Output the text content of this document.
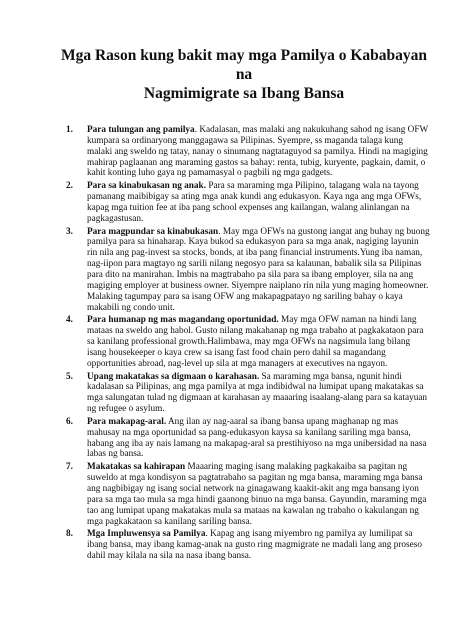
Mga Rason kung bakit may mga Pamilya o Kababayan na
Nagmimigrate sa Ibang Bansa
1. Para tulungan ang pamilya. Kadalasan, mas malaki ang nakukuhang sahod ng isang OFW kumpara sa ordinaryong manggagawa sa Pilipinas. Syempre, ss maganda talaga kung malaki ang sweldo ng tatay, nanay o sinumang nagtataguyod sa pamilya. Hindi na magiging mahirap paglaanan ang maraming gastos sa bahay: renta, tubig, kuryente, pagkain, damit, o kahit konting luho gaya ng pamamasyal o pagbili ng mga gadgets.
2. Para sa kinabukasan ng anak. Para sa maraming mga Pilipino, talagang wala na tayong pamanang maibibigay sa ating mga anak kundi ang edukasyon. Kaya nga ang mga OFWs, kapag mga tuition fee at iba pang school expenses ang kailangan, walang alinlangan na pagkagastusan.
3. Para magpundar sa kinabukasan. May mga OFWs na gustong iangat ang buhay ng buong pamilya para sa hinaharap. Kaya bukod sa edukasyon para sa mga anak, nagiging layunin rin nila ang pag-invest sa stocks, bonds, at iba pang financial instruments.Yung iba naman, nag-iipon para magtayo ng sarili nilang negosyo para sa kalaunan, babalik sila sa Pilipinas para dito na manirahan. Imbis na magtrabaho pa sila para sa ibang employer, sila na ang magiging employer at business owner. Siyempre naiplano rin nila yung maging homeowner. Malaking tagumpay para sa isang OFW ang makapagpatayo ng sariling bahay o kaya makabili ng condo unit.
4. Para humanap ng mas magandang oportunidad. May mga OFW naman na hindi lang mataas na sweldo ang habol. Gusto nilang makahanap ng mga trabaho at pagkakataon para sa kanilang professional growth.Halimbawa, may mga OFWs na nagsimula lang bilang isang housekeeper o kaya crew sa isang fast food chain pero dahil sa magandang opportunities abroad, nag-level up sila at mga managers at executives na ngayon.
5. Upang makatakas sa digmaan o karahasan. Sa maraming mga bansa, ngunit hindi kadalasan sa Pilipinas, ang mga pamilya at mga indibidwal na lumipat upang makatakas sa mga salungatan tulad ng digmaan at karahasan ay maaaring isaalang-alang para sa katayuan ng refugee o asylum.
6. Para makapag-aral. Ang ilan ay nag-aaral sa ibang bansa upang maghanap ng mas mahusay na mga oportunidad sa pang-edukasyon kaysa sa kanilang sariling mga bansa, habang ang iba ay nais lamang na makapag-aral sa prestihiyoso na mga unibersidad na nasa labas ng bansa.
7. Makatakas sa kahirapan Maaaring maging isang malaking pagkakaiba sa pagitan ng suweldo at mga kondisyon sa pagtatrabaho sa pagitan ng mga bansa, maraming mga bansa ang nagbibigay ng isang social network na ginagawang kaakit-akit ang mga bansang iyon para sa mga tao mula sa mga hindi gaanong binuo na mga bansa. Gayundin, maraming mga tao ang lumipat upang makatakas mula sa mataas na kawalan ng trabaho o kakulangan ng mga pagkakataon sa kanilang sariling bansa.
8. Mga Impluwensya sa Pamilya. Kapag ang isang miyembro ng pamilya ay lumilipat sa ibang bansa, may ibang kamag-anak na gusto ring magmigrate ne madali lang ang proseso dahil may kilala na sila na nasa ibang bansa.
